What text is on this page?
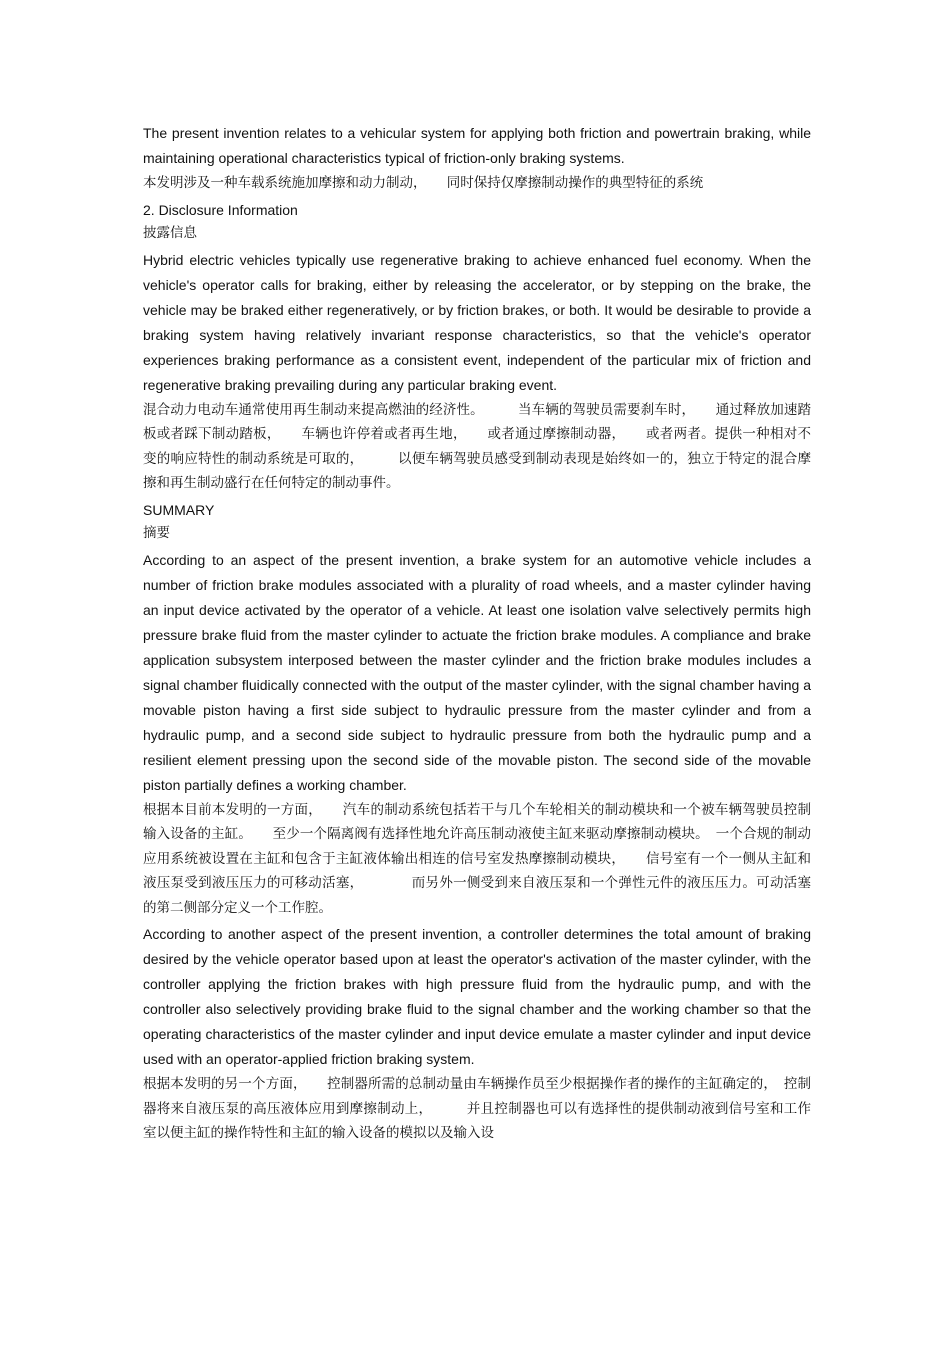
The present invention relates to a vehicular system for applying both friction and powertrain braking, while maintaining operational characteristics typical of friction-only braking systems.

本发明涉及一种车载系统施加摩擦和动力制动，　　同时保持仅摩擦制动操作的典型特征的系统

2. Disclosure Information

披露信息

Hybrid electric vehicles typically use regenerative braking to achieve enhanced fuel economy. When the vehicle's operator calls for braking, either by releasing the accelerator, or by stepping on the brake, the vehicle may be braked either regeneratively, or by friction brakes, or both. It would be desirable to provide a braking system having relatively invariant response characteristics, so that the vehicle's operator experiences braking performance as a consistent event, independent of the particular mix of friction and regenerative braking prevailing during any particular braking event.

混合动力电动车通常使用再生制动来提高燃油的经济性。　　　当车辆的驾驶员需要刹车时，　　通过释放加速踏板或者踩下制动踏板，　　车辆也许停着或者再生地，　　或者通过摩擦制动器，　　或者两者。提供一种相对不变的响应特性的制动系统是可取的，　　　以便车辆驾驶员感受到制动表现是始终如一的，独立于特定的混合摩擦和再生制动盛行在任何特定的制动事件。

SUMMARY

摘要

According to an aspect of the present invention, a brake system for an automotive vehicle includes a number of friction brake modules associated with a plurality of road wheels, and a master cylinder having an input device activated by the operator of a vehicle. At least one isolation valve selectively permits high pressure brake fluid from the master cylinder to actuate the friction brake modules. A compliance and brake application subsystem interposed between the master cylinder and the friction brake modules includes a signal chamber fluidically connected with the output of the master cylinder, with the signal chamber having a movable piston having a first side subject to hydraulic pressure from the master cylinder and from a hydraulic pump, and a second side subject to hydraulic pressure from both the hydraulic pump and a resilient element pressing upon the second side of the movable piston. The second side of the movable piston partially defines a working chamber.

根据本目前本发明的一方面，　　汽车的制动系统包括若干与几个车轮相关的制动模块和一个被车辆驾驶员控制输入设备的主缸。　　至少一个隔离阀有选择性地允许高压制动液使主缸来驱动摩擦制动模块。　一个合规的制动应用系统被设置在主缸和包含于主缸液体输出相连的信号室发热摩擦制动模块，　　信号室有一个一侧从主缸和液压泵受到液压压力的可移动活塞，　　　　而另外一侧受到来自液压泵和一个弹性元件的液压压力。可动活塞的第二侧部分定义一个工作腔。

According to another aspect of the present invention, a controller determines the total amount of braking desired by the vehicle operator based upon at least the operator's activation of the master cylinder, with the controller applying the friction brakes with high pressure fluid from the hydraulic pump, and with the controller also selectively providing brake fluid to the signal chamber and the working chamber so that the operating characteristics of the master cylinder and input device emulate a master cylinder and input device used with an operator-applied friction braking system.

根据本发明的另一个方面，　　控制器所需的总制动量由车辆操作员至少根据操作者的操作的主缸确定的，　控制器将来自液压泵的高压液体应用到摩擦制动上，　　　并且控制器也可以有选择性的提供制动液到信号室和工作室以便主缸的操作特性和主缸的输入设备的模拟以及输入设
